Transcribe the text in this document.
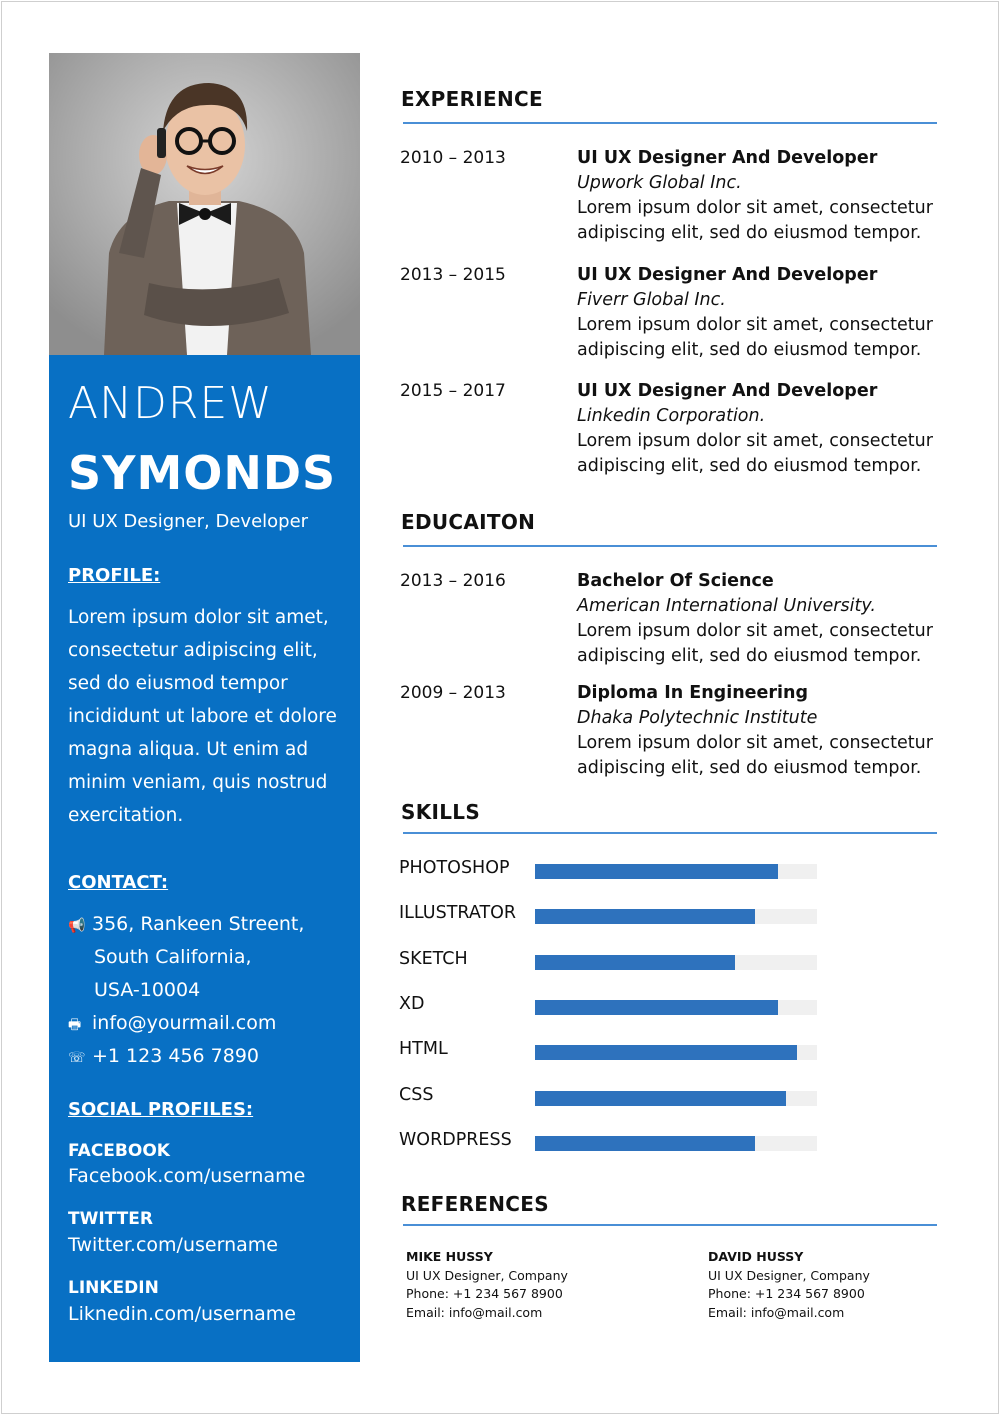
ANDREW
SYMONDS
UI UX Designer, Developer
PROFILE:
Lorem ipsum dolor sit amet, consectetur adipiscing elit, sed do eiusmod tempor incididunt ut labore et dolore magna aliqua. Ut enim ad minim veniam, quis nostrud exercitation.
CONTACT:
📢 356, Rankeen Streent,
South California,
USA-10004
🖶 info@yourmail.com
☏ +1 123 456 7890
SOCIAL PROFILES:
FACEBOOK
Facebook.com/username
TWITTER
Twitter.com/username
LINKEDIN
Liknedin.com/username
EXPERIENCE
2010 – 2013	UI UX Designer And Developer
Upwork Global Inc.
Lorem ipsum dolor sit amet, consectetur adipiscing elit, sed do eiusmod tempor.
2013 – 2015	UI UX Designer And Developer
Fiverr Global Inc.
Lorem ipsum dolor sit amet, consectetur adipiscing elit, sed do eiusmod tempor.
2015 – 2017	UI UX Designer And Developer
Linkedin Corporation.
Lorem ipsum dolor sit amet, consectetur adipiscing elit, sed do eiusmod tempor.
EDUCAITON
2013 – 2016	Bachelor Of Science
American International University.
Lorem ipsum dolor sit amet, consectetur adipiscing elit, sed do eiusmod tempor.
2009 – 2013	Diploma In Engineering
Dhaka Polytechnic Institute
Lorem ipsum dolor sit amet, consectetur adipiscing elit, sed do eiusmod tempor.
SKILLS
PHOTOSHOP
ILLUSTRATOR
SKETCH
XD
HTML
CSS
WORDPRESS
REFERENCES
MIKE HUSSY
UI UX Designer, Company
Phone: +1 234 567 8900
Email: info@mail.com
DAVID HUSSY
UI UX Designer, Company
Phone: +1 234 567 8900
Email: info@mail.com
